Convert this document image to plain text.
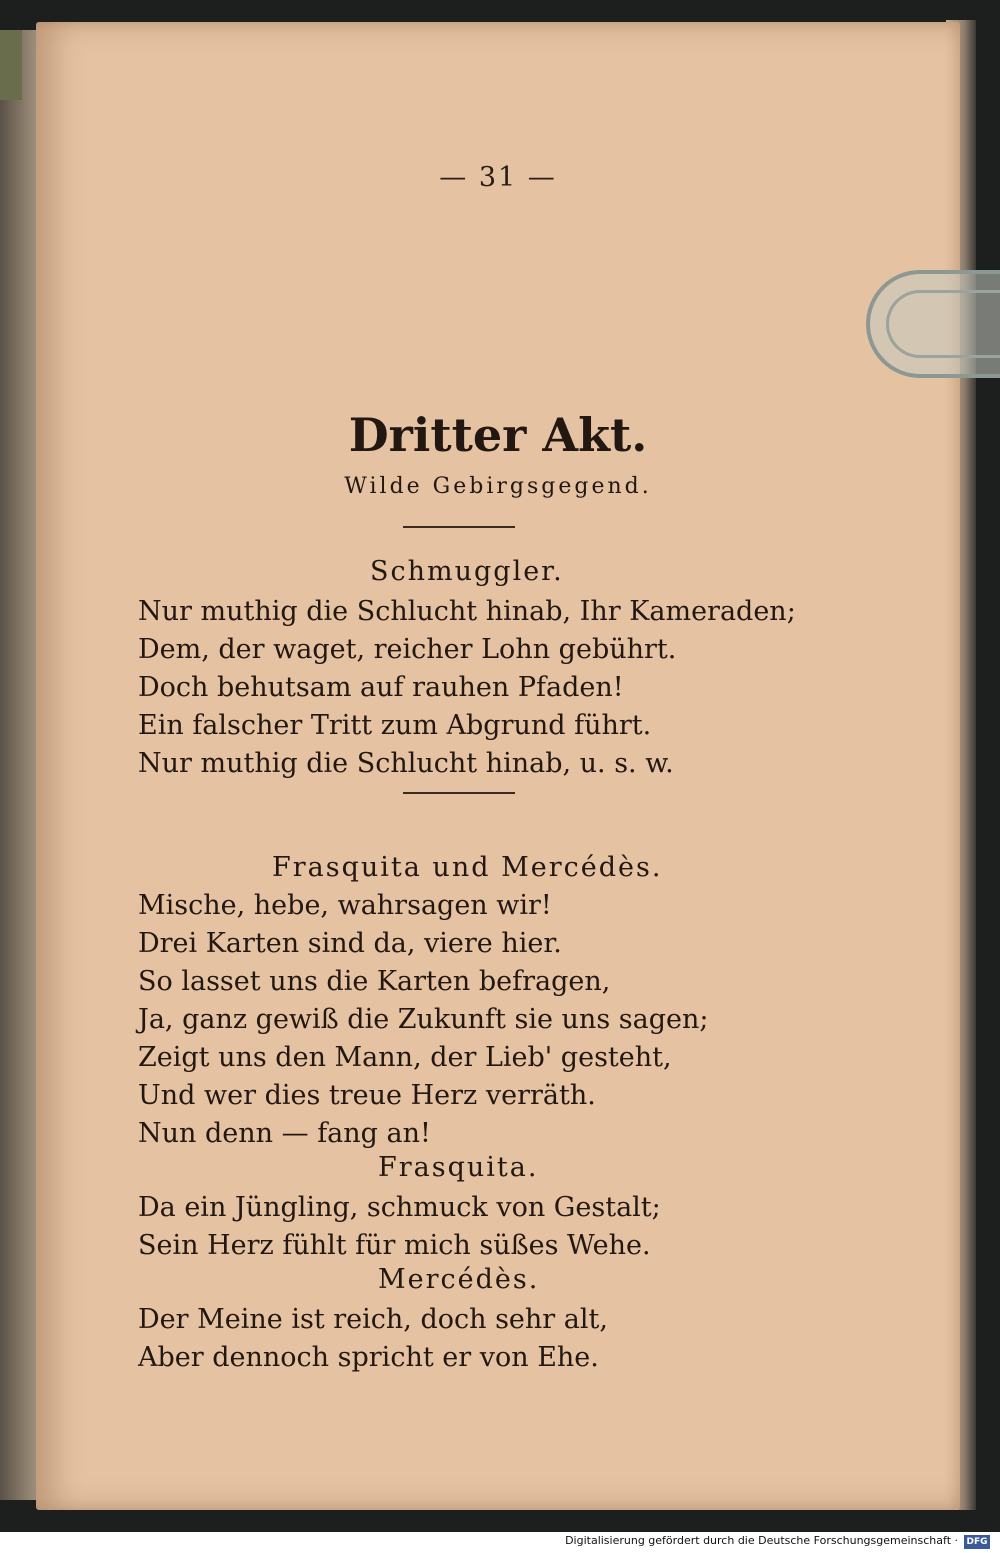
— 31 —
Dritter Akt.
Wilde Gebirgsgegend.
Schmuggler.
Nur muthig die Schlucht hinab, Ihr Kameraden;
Dem, der waget, reicher Lohn gebührt.
Doch behutsam auf rauhen Pfaden!
Ein falscher Tritt zum Abgrund führt.
Nur muthig die Schlucht hinab, u. s. w.
Frasquita und Mercédès.
Mische, hebe, wahrsagen wir!
Drei Karten sind da, viere hier.
So lasset uns die Karten befragen,
Ja, ganz gewiß die Zukunft sie uns sagen;
Zeigt uns den Mann, der Lieb' gesteht,
Und wer dies treue Herz verräth.
Nun denn — fang an!
Frasquita.
Da ein Jüngling, schmuck von Gestalt;
Sein Herz fühlt für mich süßes Wehe.
Mercédès.
Der Meine ist reich, doch sehr alt,
Aber dennoch spricht er von Ehe.
Digitalisierung gefördert durch die Deutsche Forschungsgemeinschaft · DFG
